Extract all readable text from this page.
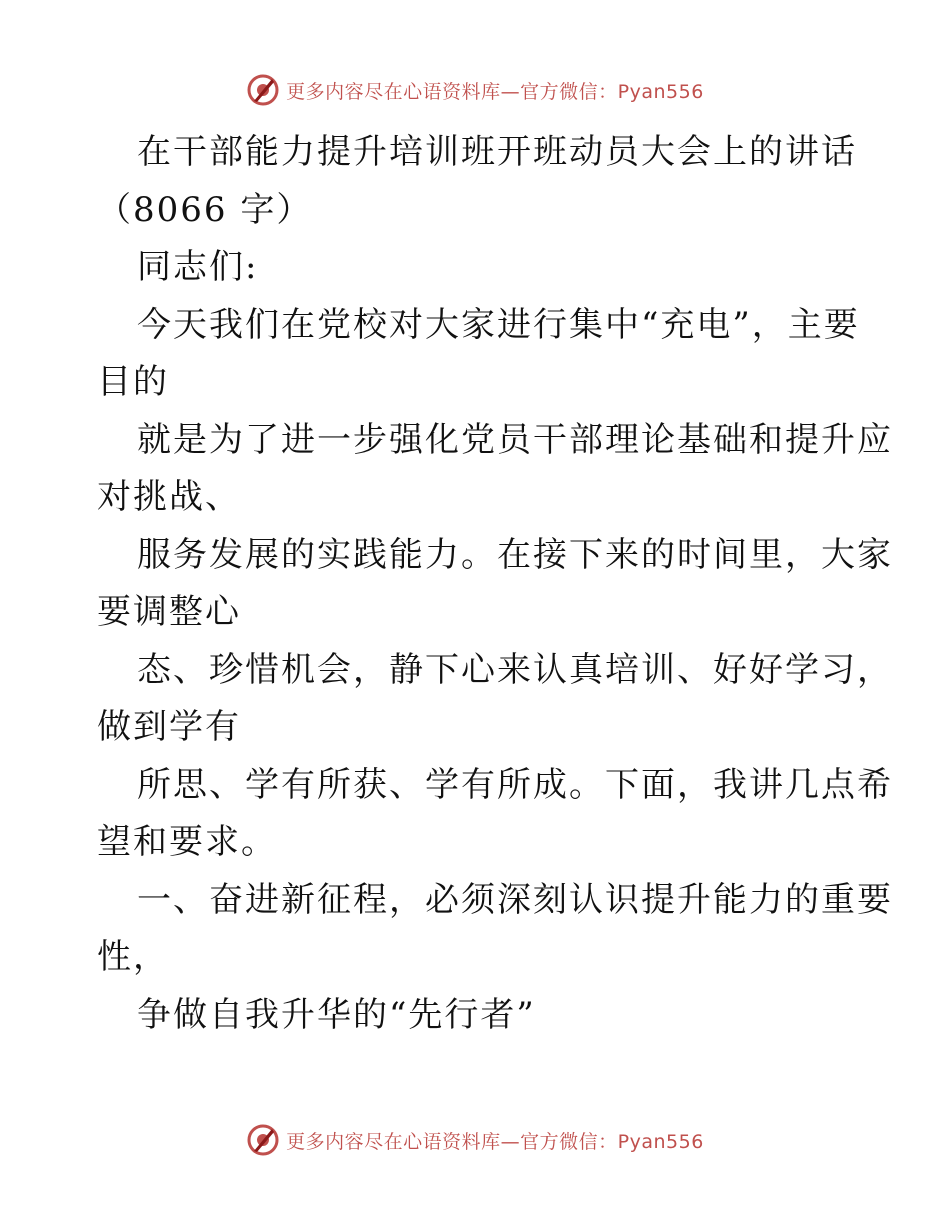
更多内容尽在心语资料库—官方微信：Pyan556
在干部能力提升培训班开班动员大会上的讲话
（8066 字）
同志们:
今天我们在党校对大家进行集中“充电”，主要
目的
就是为了进一步强化党员干部理论基础和提升应
对挑战、
服务发展的实践能力。在接下来的时间里，大家
要调整心
态、珍惜机会，静下心来认真培训、好好学习，
做到学有
所思、学有所获、学有所成。下面，我讲几点希
望和要求。
一、奋进新征程，必须深刻认识提升能力的重要
性，
争做自我升华的“先行者”
更多内容尽在心语资料库—官方微信：Pyan556
